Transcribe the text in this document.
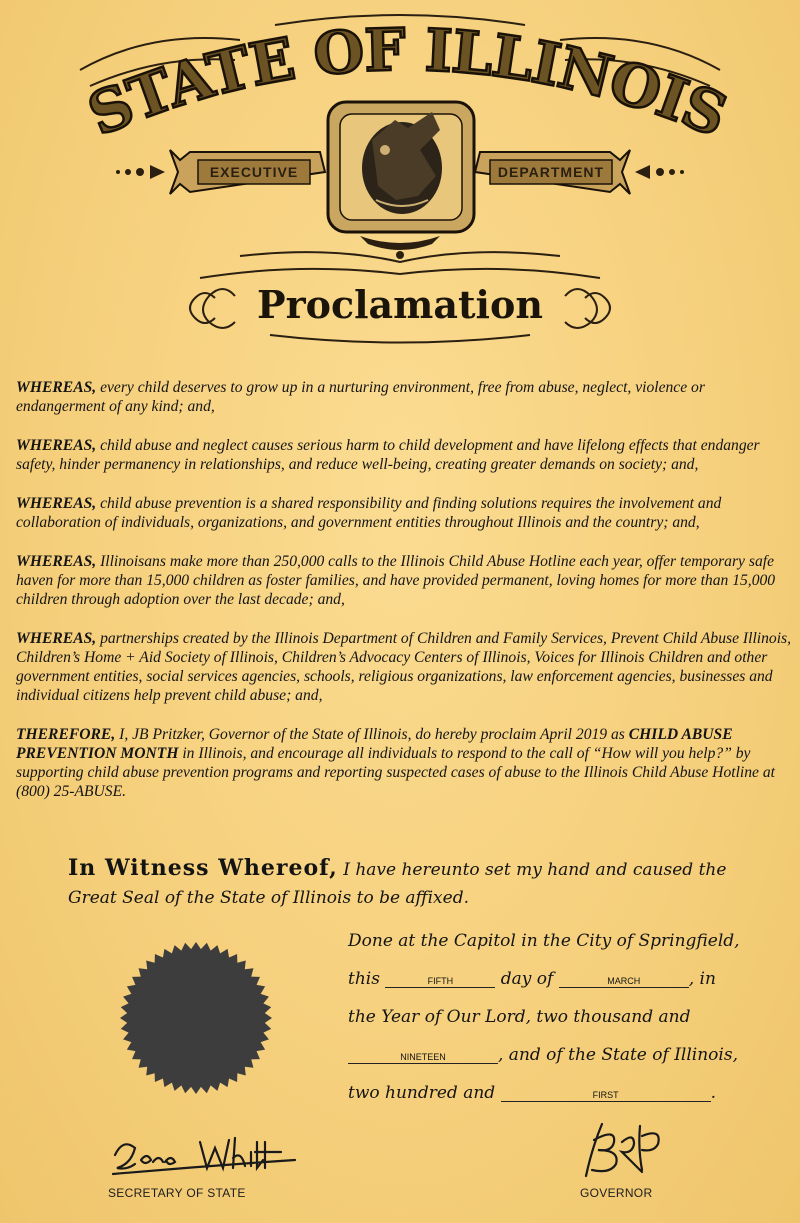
STATE OF ILLINOIS
EXECUTIVE	DEPARTMENT
Proclamation

WHEREAS, every child deserves to grow up in a nurturing environment, free from abuse, neglect, violence or endangerment of any kind; and,

WHEREAS, child abuse and neglect causes serious harm to child development and have lifelong effects that endanger safety, hinder permanency in relationships, and reduce well-being, creating greater demands on society; and,

WHEREAS, child abuse prevention is a shared responsibility and finding solutions requires the involvement and collaboration of individuals, organizations, and government entities throughout Illinois and the country; and,

WHEREAS, Illinoisans make more than 250,000 calls to the Illinois Child Abuse Hotline each year, offer temporary safe haven for more than 15,000 children as foster families, and have provided permanent, loving homes for more than 15,000 children through adoption over the last decade; and,

WHEREAS, partnerships created by the Illinois Department of Children and Family Services, Prevent Child Abuse Illinois, Children’s Home + Aid Society of Illinois, Children’s Advocacy Centers of Illinois, Voices for Illinois Children and other government entities, social services agencies, schools, religious organizations, law enforcement agencies, businesses and individual citizens help prevent child abuse; and,

THEREFORE, I, JB Pritzker, Governor of the State of Illinois, do hereby proclaim April 2019 as CHILD ABUSE PREVENTION MONTH in Illinois, and encourage all individuals to respond to the call of “How will you help?” by supporting child abuse prevention programs and reporting suspected cases of abuse to the Illinois Child Abuse Hotline at (800) 25-ABUSE.

In Witness Whereof, I have hereunto set my hand and caused the
Great Seal of the State of Illinois to be affixed.
Done at the Capitol in the City of Springfield,
this	FIFTH	day of	MARCH	, in
the Year of Our Lord, two thousand and
NINETEEN	, and of the State of Illinois,
two hundred and	FIRST	.
SECRETARY OF STATE	GOVERNOR
